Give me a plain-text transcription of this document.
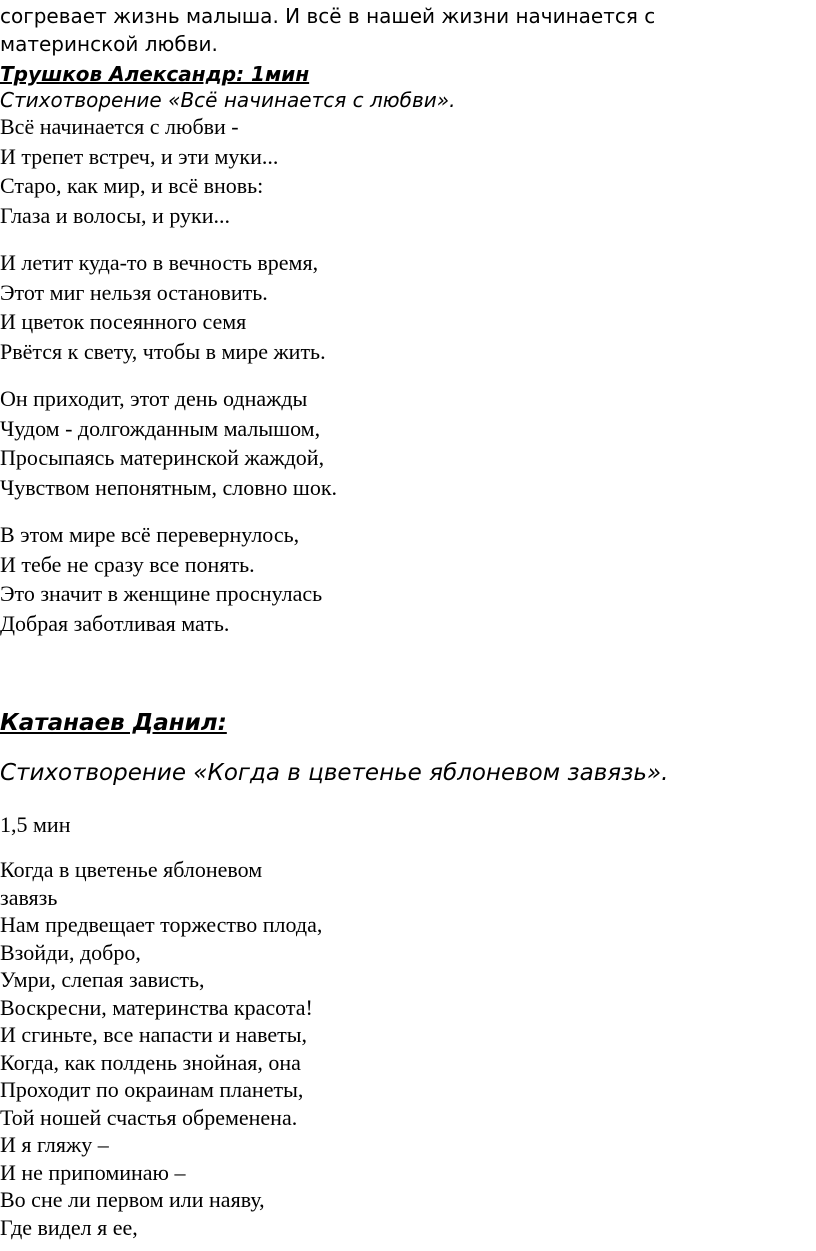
согревает жизнь малыша. И всё в нашей жизни начинается с
материнской любви.
Трушков Александр: 1мин
Стихотворение «Всё начинается с любви».
Всё начинается с любви -
И трепет встреч, и эти муки...
Старо, как мир, и всё вновь:
Глаза и волосы, и руки...
И летит куда-то в вечность время,
Этот миг нельзя остановить.
И цветок посеянного семя
Рвётся к свету, чтобы в мире жить.
Он приходит, этот день однажды
Чудом - долгожданным малышом,
Просыпаясь материнской жаждой,
Чувством непонятным, словно шок.
В этом мире всё перевернулось,
И тебе не сразу все понять.
Это значит в женщине проснулась
Добрая заботливая мать.
Катанаев Данил:
Стихотворение «Когда в цветенье яблоневом завязь».
1,5 мин
Когда в цветенье яблоневом
завязь
Нам предвещает торжество плода,
Взойди, добро,
Умри, слепая зависть,
Воскресни, материнства красота!
И сгиньте, все напасти и наветы,
Когда, как полдень знойная, она
Проходит по окраинам планеты,
Той ношей счастья обременена.
И я гляжу –
И не припоминаю –
Во сне ли первом или наяву,
Где видел я ее,
